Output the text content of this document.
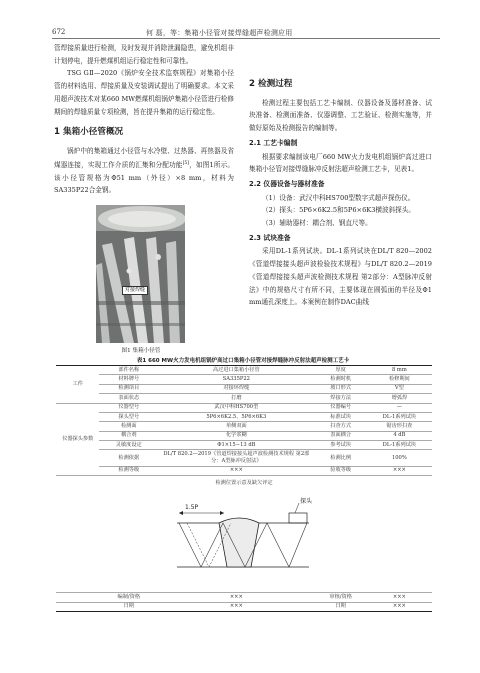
672	何 磊，等：集箱小径管对接焊缝超声检测应用

管焊接质量进行检测，及时发现并消除泄漏隐患，避免机组非计划停电，提升燃煤机组运行稳定性和可靠性。

TSG GⅡ—2020《锅炉安全技术监察规程》对集箱小径管的材料选用、焊接质量及安装调试提出了明确要求。本文采用超声波技术对某660 MW燃煤机组锅炉集箱小径管进行检修期间的焊缝质量专项检测，旨在提升集箱的运行稳定性。

1 集箱小径管概况

锅炉中的集箱通过小径管与水冷壁、过热器、再热器及省煤器连接，实现工作介质的汇集和分配功能[5]，如图1所示。该小径管规格为Φ51 mm（外径）×8 mm，材料为SA335P22合金钢。

对接焊缝
图1 集箱小径管
2 检测过程

检测过程主要包括工艺卡编制、仪器设备及器材准备、试块准备、检测面准备、仪器调整、工艺验证、检测实施等，并做好原始及检测报告的编制等。

2.1 工艺卡编制

根据要求编制该电厂660 MW火力发电机组锅炉高过进口集箱小径管对接焊缝脉冲反射法超声检测工艺卡，见表1。

2.2 仪器设备与器材准备

（1）设备：武汉中科HS700型数字式超声探伤仪。

（2）探头：5P6×6K2.5和5P6×6K3横波斜探头。

（3）辅助器材：耦合剂、钢直尺等。

2.3 试块准备

采用DL-1系列试块。DL-1系列试块在DL/T 820—2002《管道焊接接头超声波检验技术规程》与DL/T 820.2—2019《管道焊接接头超声波检测技术规程 第2部分：A型脉冲反射法》中的规格尺寸有所不同，主要体现在圆弧面的半径及Φ1 mm通孔深度上。本案例在制作DAC曲线

表1 660 MW火力发电机组锅炉高过口集箱小径管对接焊缝脉冲反射法超声检测工艺卡
工件	部件名称	高过进口集箱小径管	厚度	8 mm
	材料牌号	SA335P22	检测时机	检修期间
	检测项目	对接环焊缝	坡口形式	V型
	表面状态	打磨	焊接方法	增弧焊
仪器探头参数	仪器型号	武汉中科HS700型	仪器编号	—
	探头型号	5P6×6K2.5、5P6×6K3	标准试块	DL-1系列试块
	检测面	单侧双面	扫查方式	锯齿形扫查
	耦合剂	化学浆糊	表面耦合	4 dB
	灵敏度设定	Φ1×15−13 dB	参考试块	DL-1系列试块
	检测依据	DL/T 820.2—2019《管道焊接接头超声波检测技术规程 第2部分：A型脉冲反射法》	检测比例	100%
	检测等级	×××	验收等级	×××

检测位置示意及缺欠评定
1.5P
探头				

	编制/资格	×××	审核/资格	×××
	日期	×××	日期	×××
